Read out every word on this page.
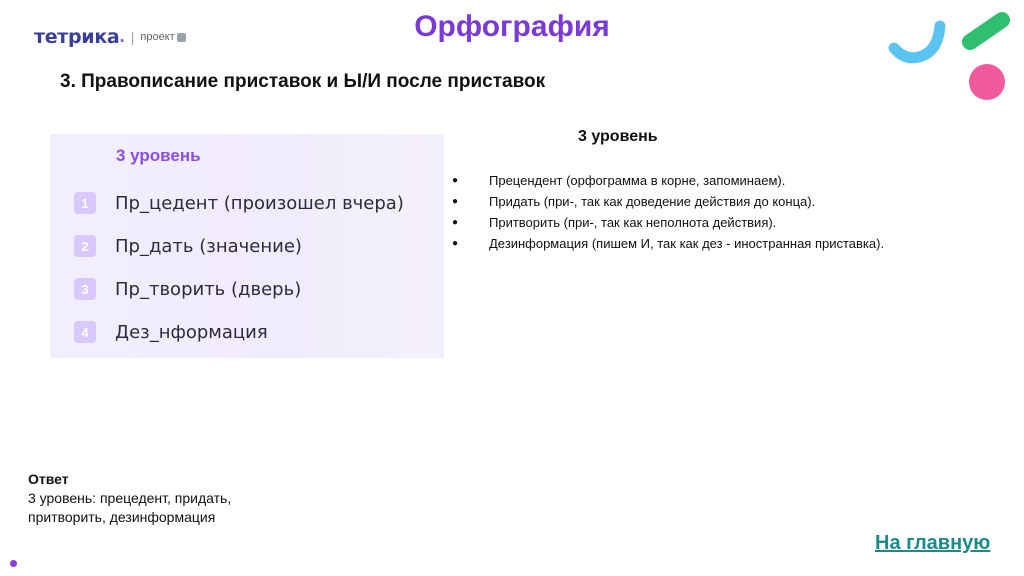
тетрика . | проект	Орфография
3. Правописание приставок и Ы/И после приставок
3 уровень
1	Пр_цедент (произошел вчера)
2	Пр_дать (значение)
3	Пр_творить (дверь)
4	Дез_нформация
3 уровень
●	Прецендент (орфограмма в корне, запоминаем).
●	Придать (при-, так как доведение действия до конца).
●	Притворить (при-, так как неполнота действия).
●	Дезинформация (пишем И, так как дез - иностранная приставка).
Ответ
3 уровень: прецедент, придать,
притворить, дезинформация
На главную
